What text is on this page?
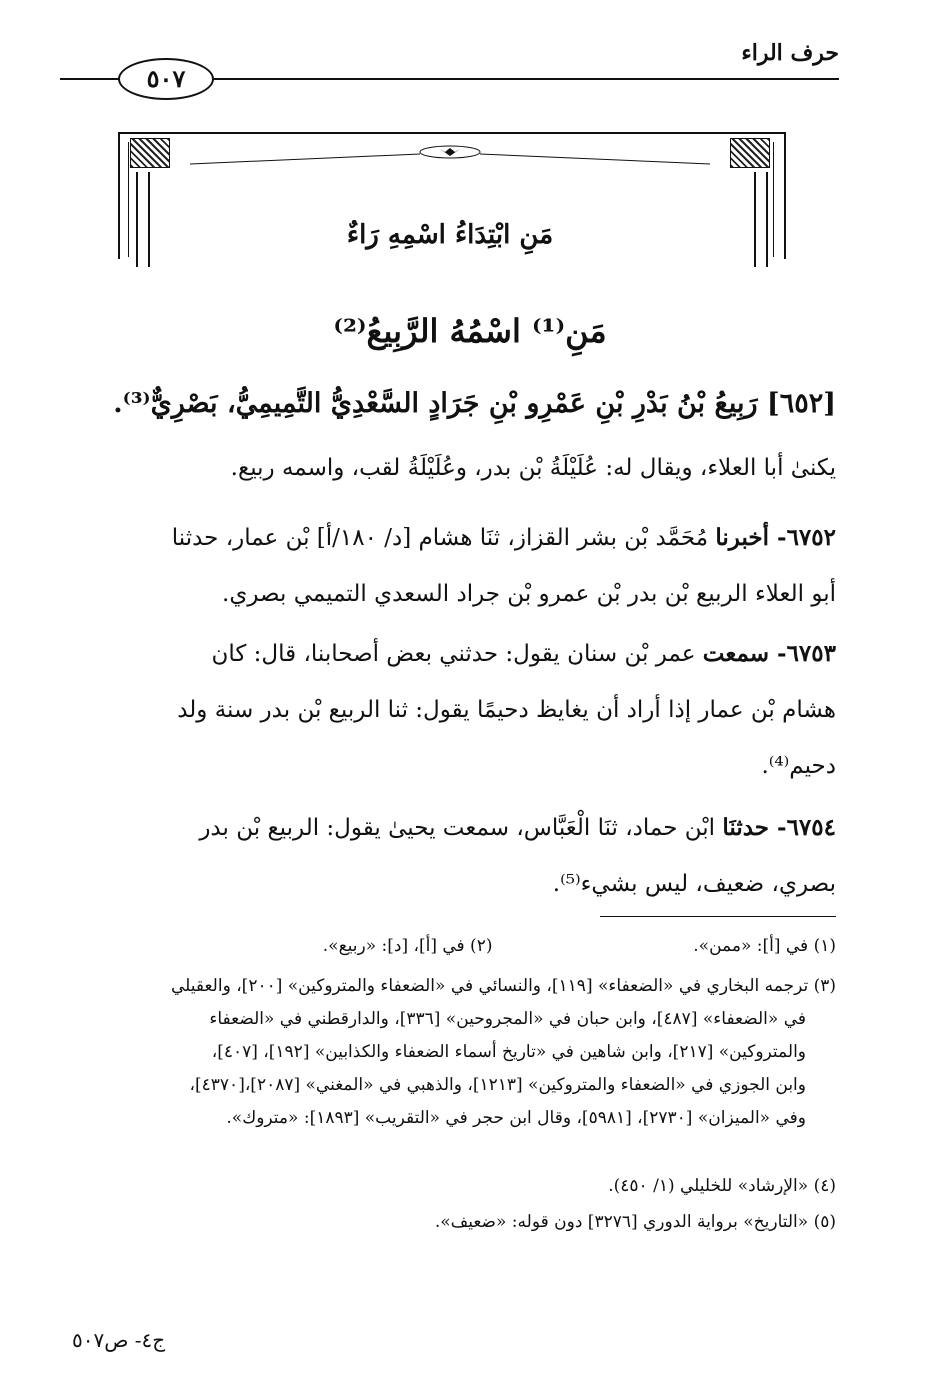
حرف الراء
٥٠٧
مَنِ ابْتِدَاءُ اسْمِهِ رَاءٌ
مَنِ⁽¹⁾ اسْمُهُ الرَّبِيعُ⁽²⁾
[٦٥٢] رَبِيعُ بْنُ بَدْرِ بْنِ عَمْرِو بْنِ جَرَادٍ السَّعْدِيُّ التَّمِيمِيُّ، بَصْرِيٌّ⁽³⁾.
يكنىٰ أبا العلاء، ويقال له: عُلَيْلَةُ بْن بدر، وعُلَيْلَةُ لقب، واسمه ربيع.
٦٧٥٢- أخبرنا مُحَمَّد بْن بشر القزاز، ثنَا هشام [د/ ١٨٠/أ] بْن عمار، حدثنا
أبو العلاء الربيع بْن بدر بْن عمرو بْن جراد السعدي التميمي بصري.
٦٧٥٣- سمعت عمر بْن سنان يقول: حدثني بعض أصحابنا، قال: كان
هشام بْن عمار إذا أراد أن يغايظ دحيمًا يقول: ثنا الربيع بْن بدر سنة ولد
دحيم⁽⁴⁾.
٦٧٥٤- حدثنَا ابْن حماد، ثنَا الْعَبَّاس، سمعت يحيىٰ يقول: الربيع بْن بدر
بصري، ضعيف، ليس بشيء⁽⁵⁾.
(١) في [أ]: «ممن».  (٢) في [أ]، [د]: «ربيع».
(٣) ترجمه البخاري في «الضعفاء» [١١٩]، والنسائي في «الضعفاء والمتروكين» [٢٠٠]، والعقيلي
في «الضعفاء» [٤٨٧]، وابن حبان في «المجروحين» [٣٣٦]، والدارقطني في «الضعفاء
والمتروكين» [٢١٧]، وابن شاهين في «تاريخ أسماء الضعفاء والكذابين» [١٩٢]، [٤٠٧]،
وابن الجوزي في «الضعفاء والمتروكين» [١٢١٣]، والذهبي في «المغني» [٢٠٨٧]،[٤٣٧٠]،
وفي «الميزان» [٢٧٣٠]، [٥٩٨١]، وقال ابن حجر في «التقريب» [١٨٩٣]: «متروك».
(٤) «الإرشاد» للخليلي (١/ ٤٥٠).
(٥) «التاريخ» برواية الدوري [٣٢٧٦] دون قوله: «ضعيف».
ج٤- ص٥٠٧
